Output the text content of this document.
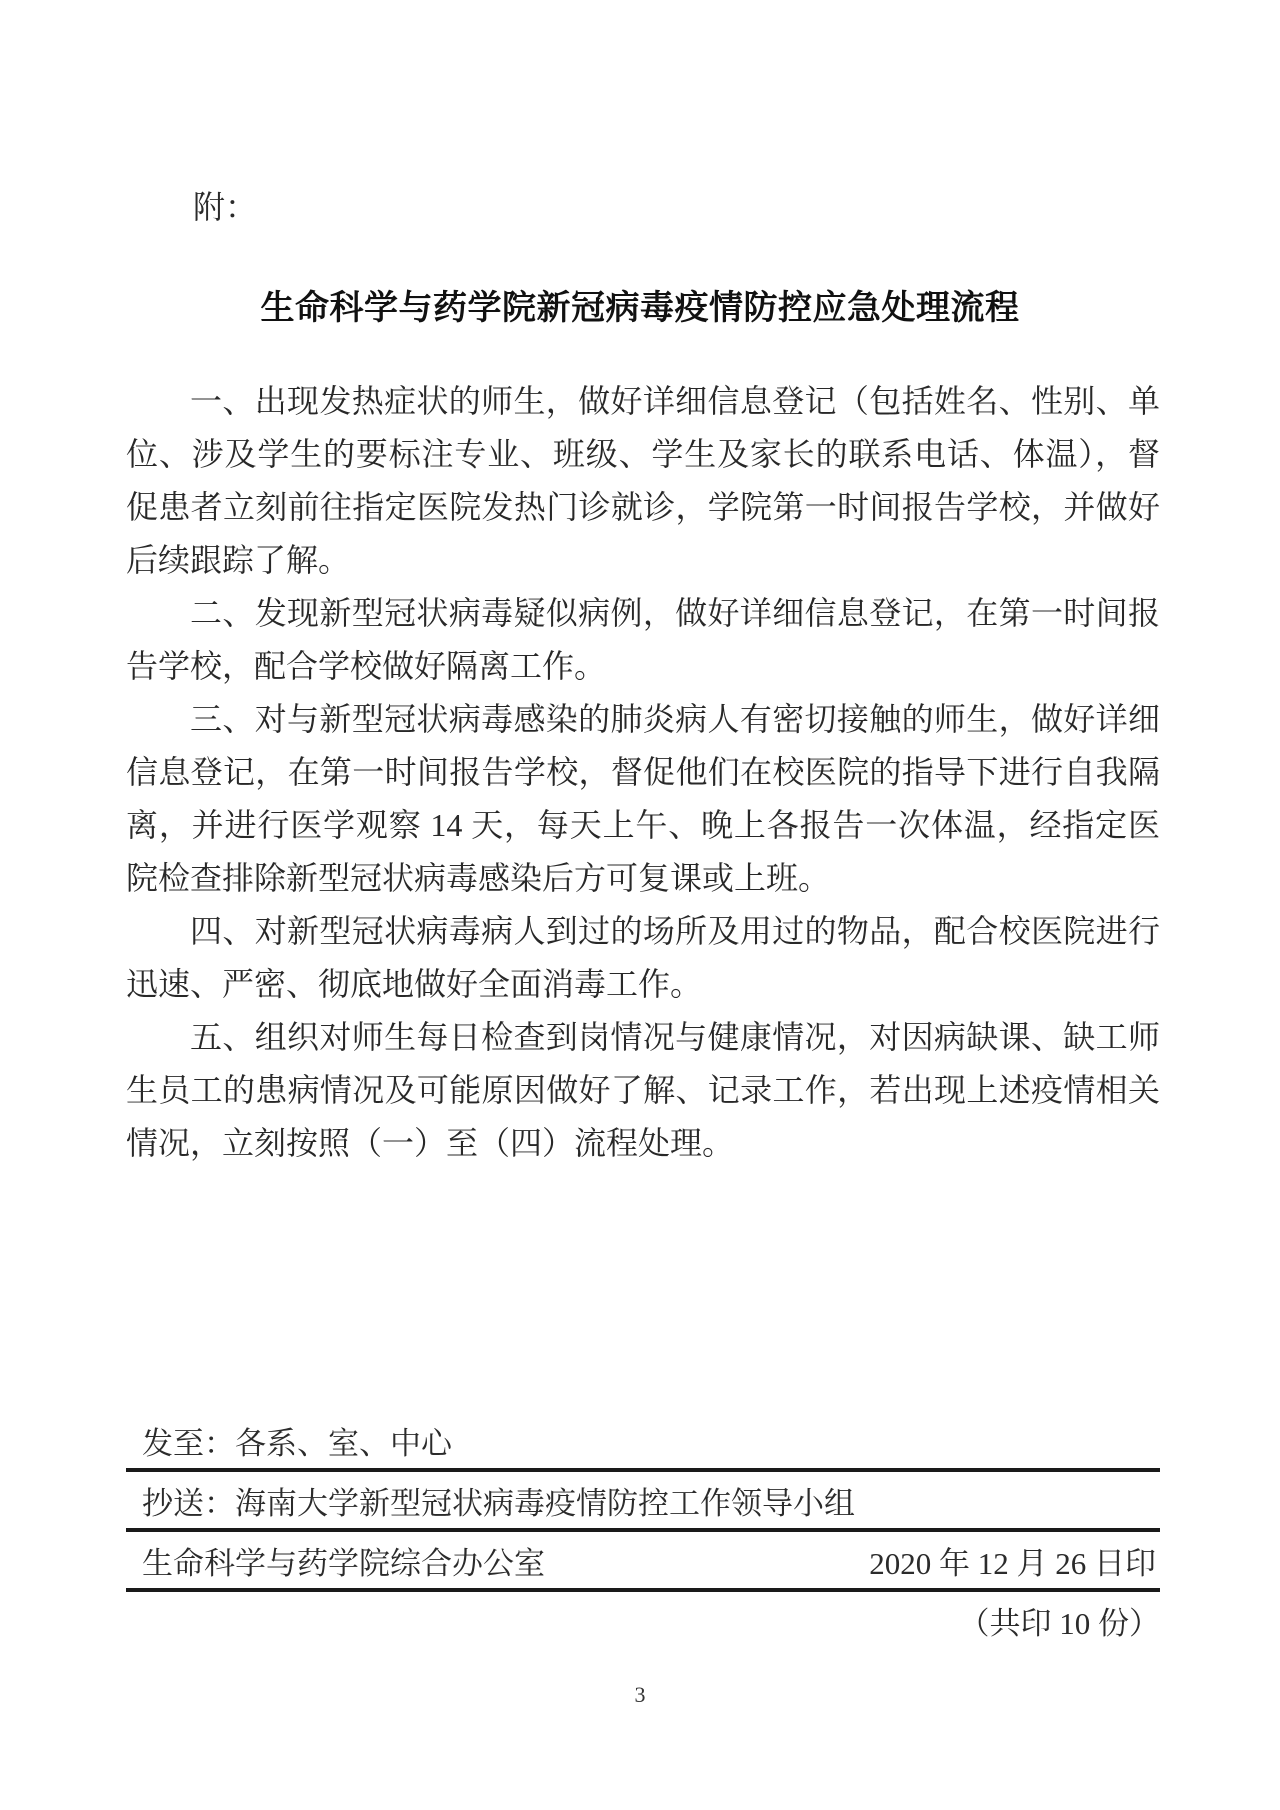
附：
生命科学与药学院新冠病毒疫情防控应急处理流程

一、出现发热症状的师生，做好详细信息登记（包括姓名、性别、单位、涉及学生的要标注专业、班级、学生及家长的联系电话、体温），督促患者立刻前往指定医院发热门诊就诊，学院第一时间报告学校，并做好后续跟踪了解。

二、发现新型冠状病毒疑似病例，做好详细信息登记，在第一时间报告学校，配合学校做好隔离工作。

三、对与新型冠状病毒感染的肺炎病人有密切接触的师生，做好详细信息登记，在第一时间报告学校，督促他们在校医院的指导下进行自我隔离，并进行医学观察 14 天，每天上午、晚上各报告一次体温，经指定医院检查排除新型冠状病毒感染后方可复课或上班。

四、对新型冠状病毒病人到过的场所及用过的物品，配合校医院进行迅速、严密、彻底地做好全面消毒工作。

五、组织对师生每日检查到岗情况与健康情况，对因病缺课、缺工师生员工的患病情况及可能原因做好了解、记录工作，若出现上述疫情相关情况，立刻按照（一）至（四）流程处理。

发至：各系、室、中心
抄送：海南大学新型冠状病毒疫情防控工作领导小组
生命科学与药学院综合办公室	2020 年 12 月 26 日印
（共印 10 份）
3
